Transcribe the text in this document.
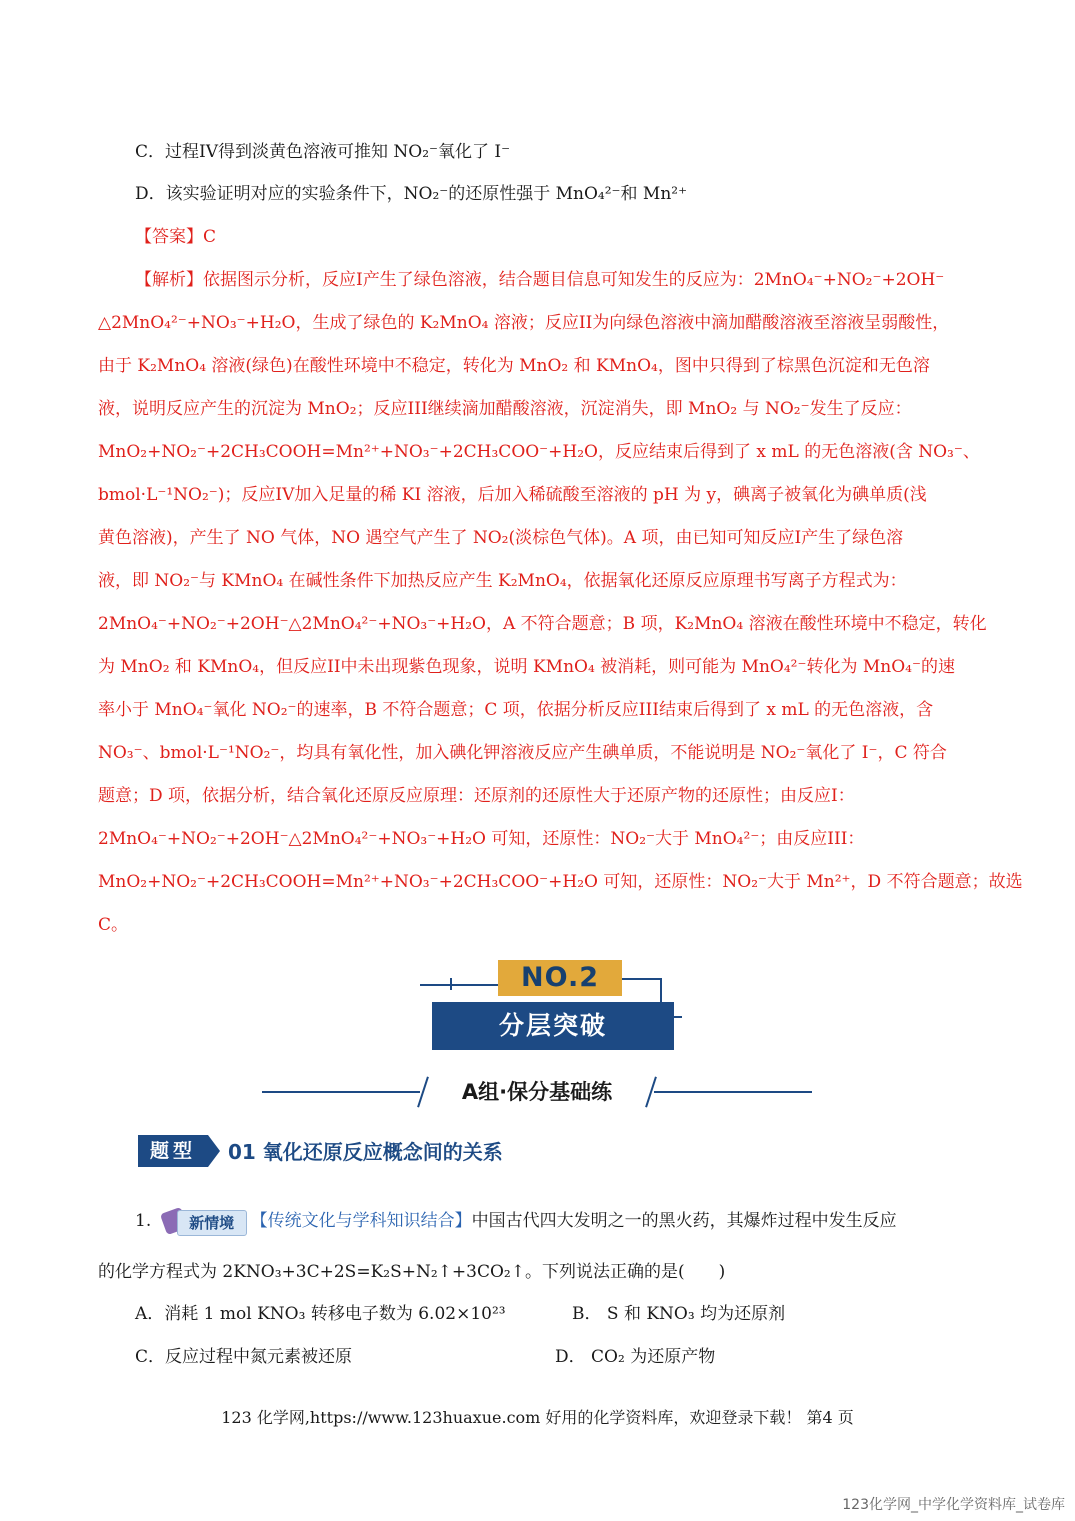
C．过程IV得到淡黄色溶液可推知 NO₂⁻氧化了 I⁻
D．该实验证明对应的实验条件下，NO₂⁻的还原性强于 MnO₄²⁻和 Mn²⁺
【答案】C
【解析】依据图示分析，反应I产生了绿色溶液，结合题目信息可知发生的反应为：2MnO₄⁻+NO₂⁻+2OH⁻
△2MnO₄²⁻+NO₃⁻+H₂O，生成了绿色的 K₂MnO₄ 溶液；反应II为向绿色溶液中滴加醋酸溶液至溶液呈弱酸性，
由于 K₂MnO₄ 溶液(绿色)在酸性环境中不稳定，转化为 MnO₂ 和 KMnO₄，图中只得到了棕黑色沉淀和无色溶
液，说明反应产生的沉淀为 MnO₂；反应III继续滴加醋酸溶液，沉淀消失，即 MnO₂ 与 NO₂⁻发生了反应：
MnO₂+NO₂⁻+2CH₃COOH=Mn²⁺+NO₃⁻+2CH₃COO⁻+H₂O，反应结束后得到了 x mL 的无色溶液(含 NO₃⁻、
bmol·L⁻¹NO₂⁻)；反应IV加入足量的稀 KI 溶液，后加入稀硫酸至溶液的 pH 为 y，碘离子被氧化为碘单质(浅
黄色溶液)，产生了 NO 气体，NO 遇空气产生了 NO₂(淡棕色气体)。A 项，由已知可知反应I产生了绿色溶
液，即 NO₂⁻与 KMnO₄ 在碱性条件下加热反应产生 K₂MnO₄，依据氧化还原反应原理书写离子方程式为：
2MnO₄⁻+NO₂⁻+2OH⁻△2MnO₄²⁻+NO₃⁻+H₂O，A 不符合题意；B 项，K₂MnO₄ 溶液在酸性环境中不稳定，转化
为 MnO₂ 和 KMnO₄，但反应II中未出现紫色现象，说明 KMnO₄ 被消耗，则可能为 MnO₄²⁻转化为 MnO₄⁻的速
率小于 MnO₄⁻氧化 NO₂⁻的速率，B 不符合题意；C 项，依据分析反应III结束后得到了 x mL 的无色溶液，含
NO₃⁻、bmol·L⁻¹NO₂⁻，均具有氧化性，加入碘化钾溶液反应产生碘单质，不能说明是 NO₂⁻氧化了 I⁻，C 符合
题意；D 项，依据分析，结合氧化还原反应原理：还原剂的还原性大于还原产物的还原性；由反应I：
2MnO₄⁻+NO₂⁻+2OH⁻△2MnO₄²⁻+NO₃⁻+H₂O 可知，还原性：NO₂⁻大于 MnO₄²⁻；由反应III：
MnO₂+NO₂⁻+2CH₃COOH=Mn²⁺+NO₃⁻+2CH₃COO⁻+H₂O 可知，还原性：NO₂⁻大于 Mn²⁺，D 不符合题意；故选
C。
NO.2
分层突破
A组·保分基础练
题型	01 氧化还原反应概念间的关系
1.	新情境 【传统文化与学科知识结合】中国古代四大发明之一的黑火药，其爆炸过程中发生反应
的化学方程式为 2KNO₃+3C+2S=K₂S+N₂↑+3CO₂↑。下列说法正确的是(　　)
A．消耗 1 mol KNO₃ 转移电子数为 6.02×10²³	B． S 和 KNO₃ 均为还原剂
C．反应过程中氮元素被还原	D． CO₂ 为还原产物
123 化学网,https://www.123huaxue.com 好用的化学资料库，欢迎登录下载！ 第4 页
123化学网_中学化学资料库_试卷库
